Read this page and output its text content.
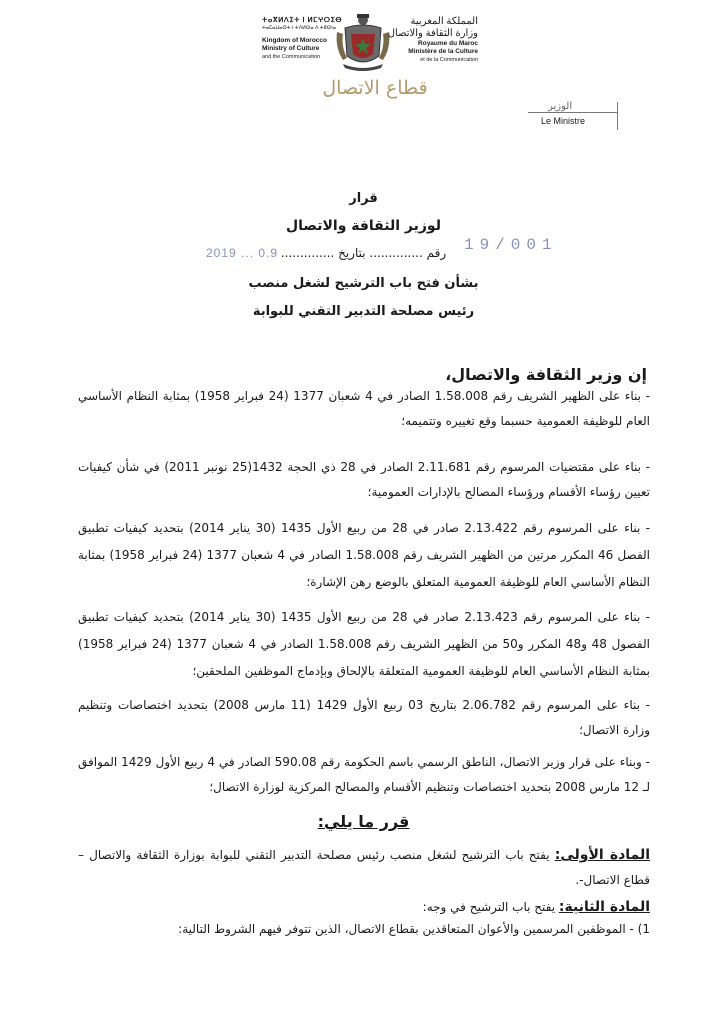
ⵜⴰⴳⵍⴷⵉⵜ ⵏ ⵍⵎⵖⵔⵉⴱ
ⵜⴰⵎⴰⵡⴰⵙⵜ ⵏ ⵜⴷⵍⵙⴰ ⴷ ⵜⵓⵙⵏⴰ
Kingdom of Morocco
Ministry of Culture
and the Communication
المملكة المغربية
وزارة الثقافة والاتصال
Royaume du Maroc
Ministère de la Culture
et de la Communication
قطاع الاتصال
الوزير
Le Ministre
قرار
لوزير الثقافة والاتصال
رقم .............. بتاريخ ..............
2019 ... 0.9	19/001
بشأن فتح باب الترشيح لشغل منصب
رئيس مصلحة التدبير التقني للبوابة
إن وزير الثقافة والاتصال،
- بناء على الظهير الشريف رقم 1.58.008 الصادر في 4 شعبان 1377 (24 فبراير 1958) بمثابة النظام الأساسي العام للوظيفة العمومية حسبما وقع تغييره وتتميمه؛
- بناء على مقتضيات المرسوم رقم 2.11.681 الصادر في 28 ذي الحجة 1432(25 نونبر 2011) في شأن كيفيات تعيين رؤساء الأقسام ورؤساء المصالح بالإدارات العمومية؛
- بناء على المرسوم رقم 2.13.422 صادر في 28 من ربيع الأول 1435 (30 يناير 2014) بتحديد كيفيات تطبيق الفصل 46 المكرر مرتين من الظهير الشريف رقم 1.58.008 الصادر في 4 شعبان 1377 (24 فبراير 1958) بمثابة النظام الأساسي العام للوظيفة العمومية المتعلق بالوضع رهن الإشارة؛
- بناء على المرسوم رقم 2.13.423 صادر في 28 من ربيع الأول 1435 (30 يناير 2014) بتحديد كيفيات تطبيق الفصول 48 و48 المكرر و50 من الظهير الشريف رقم 1.58.008 الصادر في 4 شعبان 1377 (24 فبراير 1958) بمثابة النظام الأساسي العام للوظيفة العمومية المتعلقة بالإلحاق وبإدماج الموظفين الملحقين؛
- بناء على المرسوم رقم 2.06.782 بتاريخ 03 ربيع الأول 1429 (11 مارس 2008) بتحديد اختصاصات وتنظيم وزارة الاتصال؛
- وبناء على قرار وزير الاتصال، الناطق الرسمي باسم الحكومة رقم 590.08 الصادر في 4 ربيع الأول 1429 الموافق لـ 12 مارس 2008 بتحديد اختصاصات وتنظيم الأقسام والمصالح المركزية لوزارة الاتصال؛
قرر ما يلي:
المادة الأولى: يفتح باب الترشيح لشغل منصب رئيس مصلحة التدبير التقني للبوابة بوزارة الثقافة والاتصال –قطاع الاتصال-.
المادة الثانية: يفتح باب الترشيح في وجه:
1) - الموظفين المرسمين والأعوان المتعاقدين بقطاع الاتصال، الذين تتوفر فيهم الشروط التالية:
